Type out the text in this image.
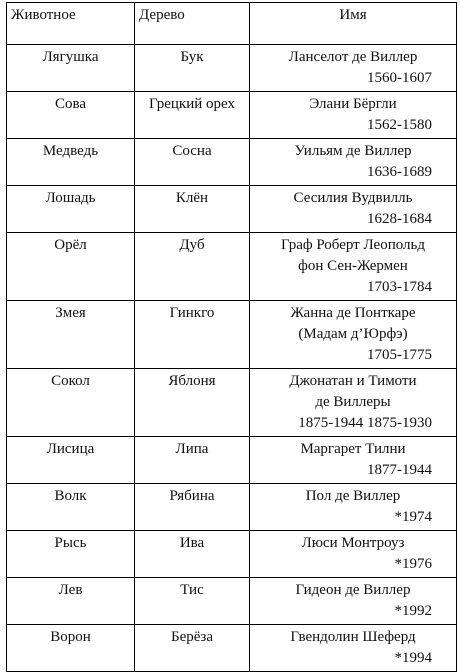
Животное	Дерево	Имя
Лягушка	Бук	Ланселот де Виллер
1560-1607

Сова	Грецкий орех	Элани Бёргли
1562-1580

Медведь	Сосна	Уильям де Виллер
1636-1689

Лошадь	Клён	Сесилия Вудвилль
1628-1684

Орёл	Дуб	Граф Роберт Леопольд
фон Сен-Жермен
1703-1784

Змея	Гинкго	Жанна де Понткаре
(Мадам д’Юрфэ)
1705-1775

Сокол	Яблоня	Джонатан и Тимоти
де Виллеры
1875-1944 1875-1930

Лисица	Липа	Маргарет Тилни
1877-1944

Волк	Рябина	Пол де Виллер
*1974

Рысь	Ива	Люси Монтроуз
*1976

Лев	Тис	Гидеон де Виллер
*1992

Ворон	Берёза	Гвендолин Шеферд
*1994
